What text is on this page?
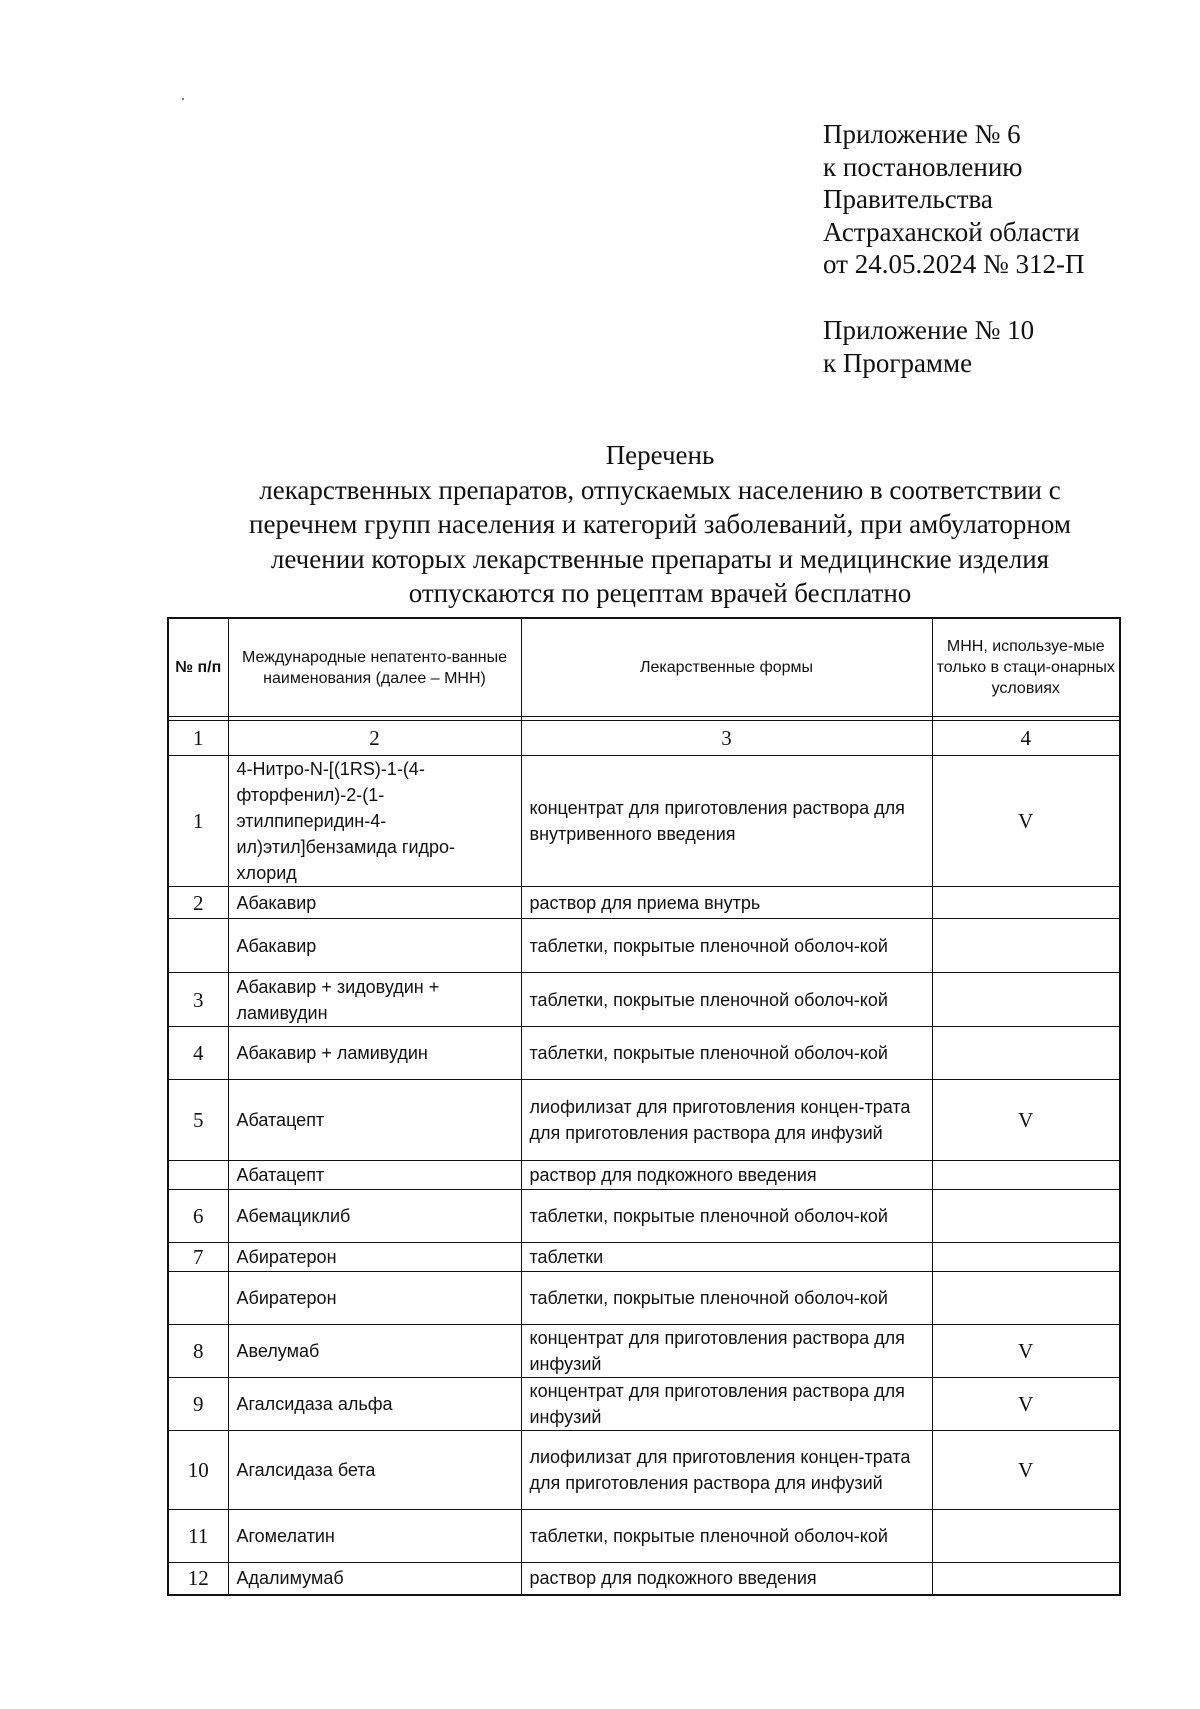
Приложение № 6
к постановлению
Правительства
Астраханской области
от 24.05.2024 № 312-П
Приложение № 10
к Программе
Перечень
лекарственных препаратов, отпускаемых населению в соответствии с
перечнем групп населения и категорий заболеваний, при амбулаторном
лечении которых лекарственные препараты и медицинские изделия
отпускаются по рецептам врачей бесплатно
№ п/п	Международные непатенто-ванные наименования (далее – МНН)	Лекарственные формы	МНН, используе-мые только в стаци-онарных условиях

1	2	3	4
1	4-Нитро-N-[(1RS)-1-(4-фторфенил)-2-(1-этилпиперидин-4-ил)этил]бензамида гидро-хлорид	концентрат для приготовления раствора для внутривенного введения	V
2	Абакавир	раствор для приема внутрь	
	Абакавир	таблетки, покрытые пленочной оболоч-кой	
3	Абакавир + зидовудин + ламивудин	таблетки, покрытые пленочной оболоч-кой	
4	Абакавир + ламивудин	таблетки, покрытые пленочной оболоч-кой	
5	Абатацепт	лиофилизат для приготовления концен-трата для приготовления раствора для инфузий	V
	Абатацепт	раствор для подкожного введения	
6	Абемациклиб	таблетки, покрытые пленочной оболоч-кой	
7	Абиратерон	таблетки	
	Абиратерон	таблетки, покрытые пленочной оболоч-кой	
8	Авелумаб	концентрат для приготовления раствора для инфузий	V
9	Агалсидаза альфа	концентрат для приготовления раствора для инфузий	V
10	Агалсидаза бета	лиофилизат для приготовления концен-трата для приготовления раствора для инфузий	V
11	Агомелатин	таблетки, покрытые пленочной оболоч-кой	
12	Адалимумаб	раствор для подкожного введения	
